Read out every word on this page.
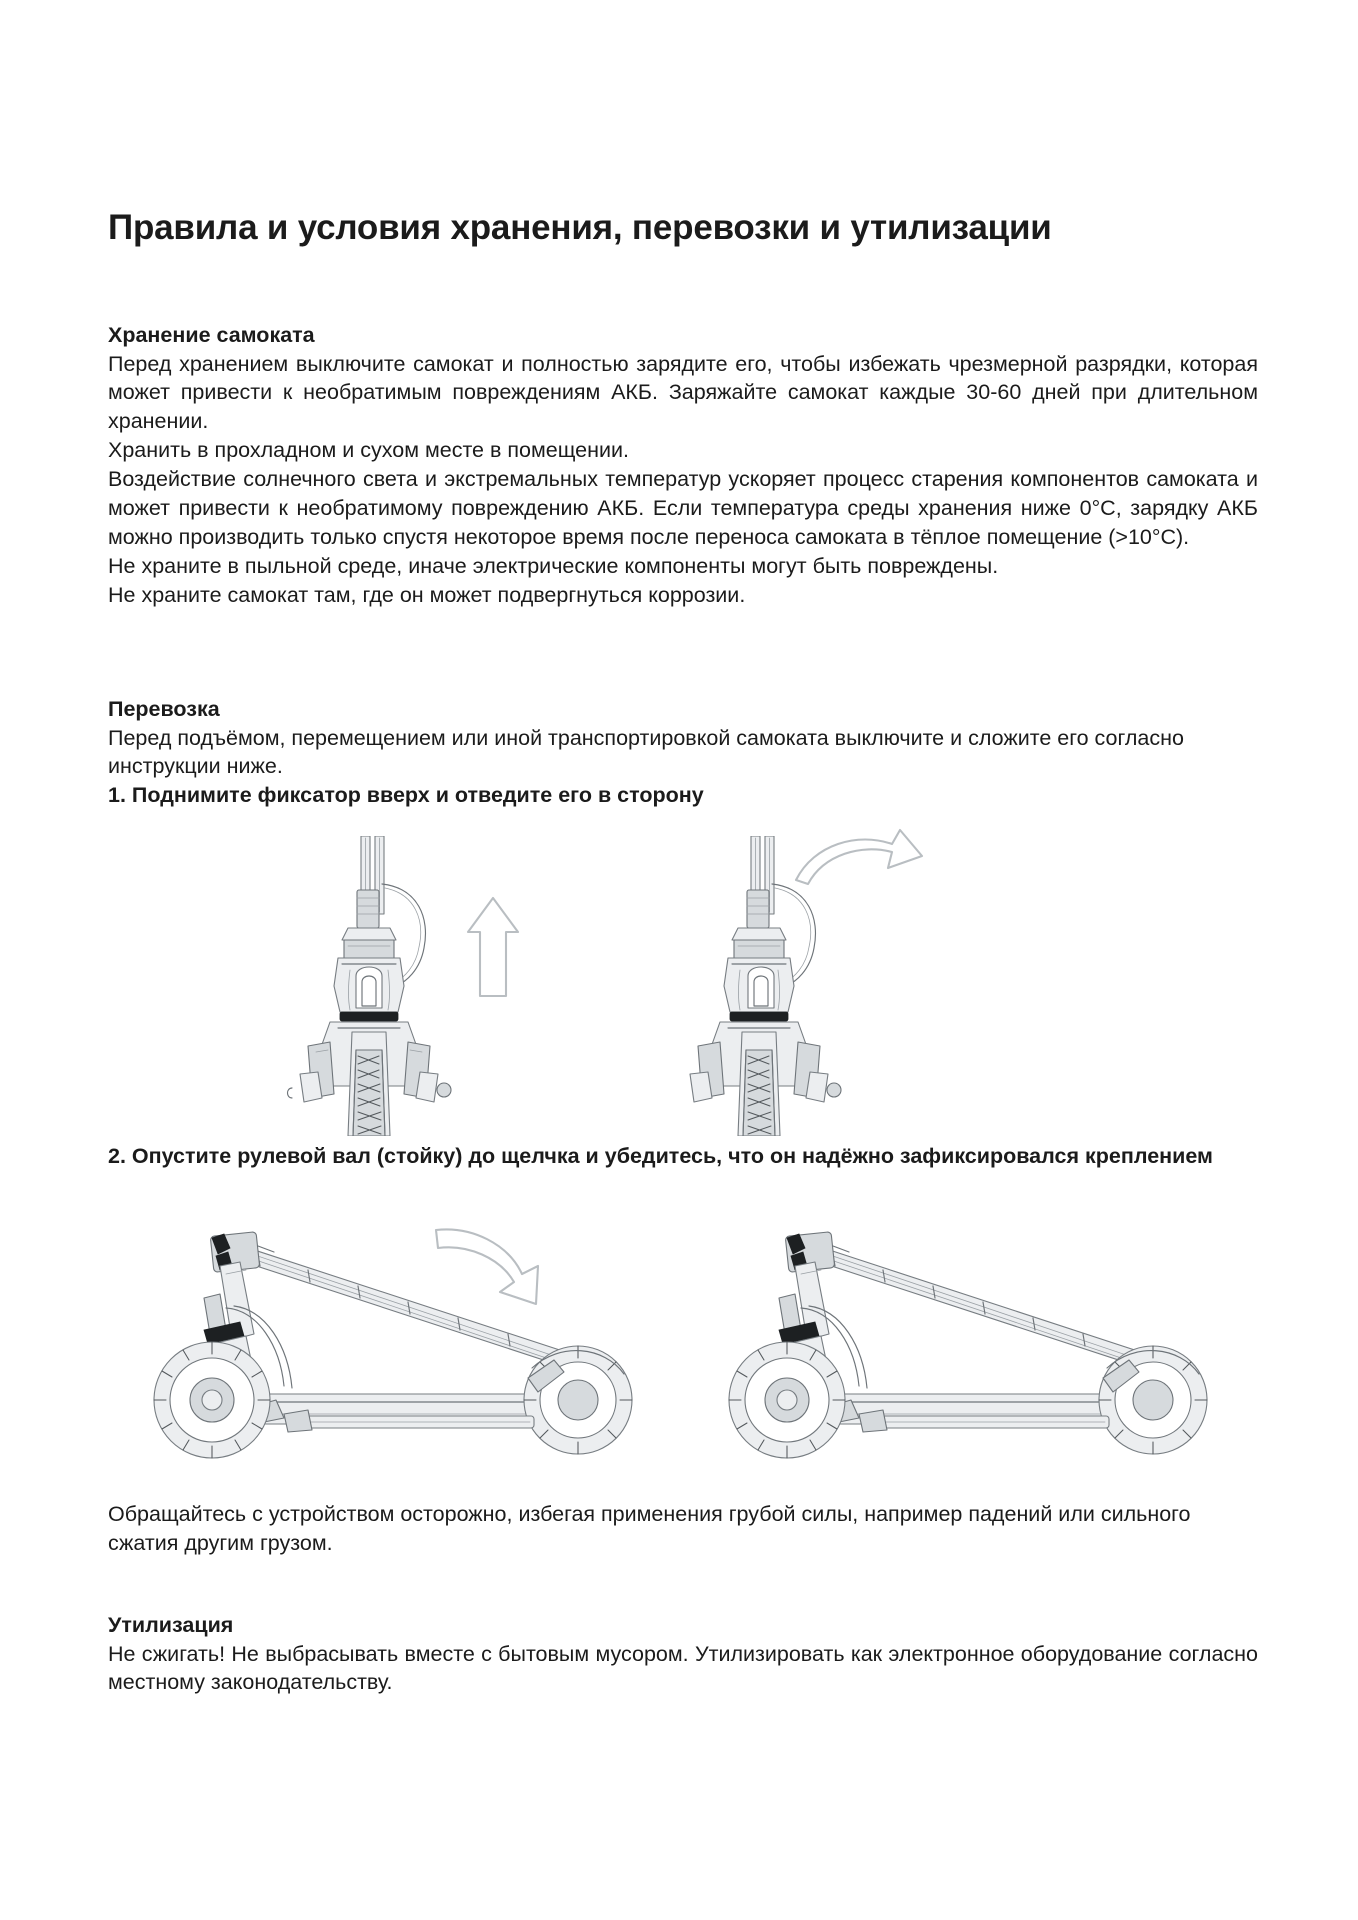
Правила и условия хранения, перевозки и утилизации
Хранение самоката

Перед хранением выключите самокат и полностью зарядите его, чтобы избежать чрезмерной разрядки, которая может привести к необратимым повреждениям АКБ. Заряжайте самокат каждые 30-60 дней при длительном хранении.

Хранить в прохладном и сухом месте в помещении.

Воздействие солнечного света и экстремальных температур ускоряет процесс старения компонентов самоката и может привести к необратимому повреждению АКБ. Если температура среды хранения ниже 0°C, зарядку АКБ можно производить только спустя некоторое время после переноса самоката в тёплое помещение (>10°C).

Не храните в пыльной среде, иначе электрические компоненты могут быть повреждены.

Не храните самокат там, где он может подвергнуться коррозии.

Перевозка

Перед подъёмом, перемещением или иной транспортировкой самоката выключите и сложите его согласно инструкции ниже.

1. Поднимите фиксатор вверх и отведите его в сторону
2. Опустите рулевой вал (стойку) до щелчка и убедитесь, что он надёжно зафиксировался креплением

Обращайтесь с устройством осторожно, избегая применения грубой силы, например падений или сильного сжатия другим грузом.

Утилизация

Не сжигать! Не выбрасывать вместе с бытовым мусором. Утилизировать как электронное оборудование согласно местному законодательству.
